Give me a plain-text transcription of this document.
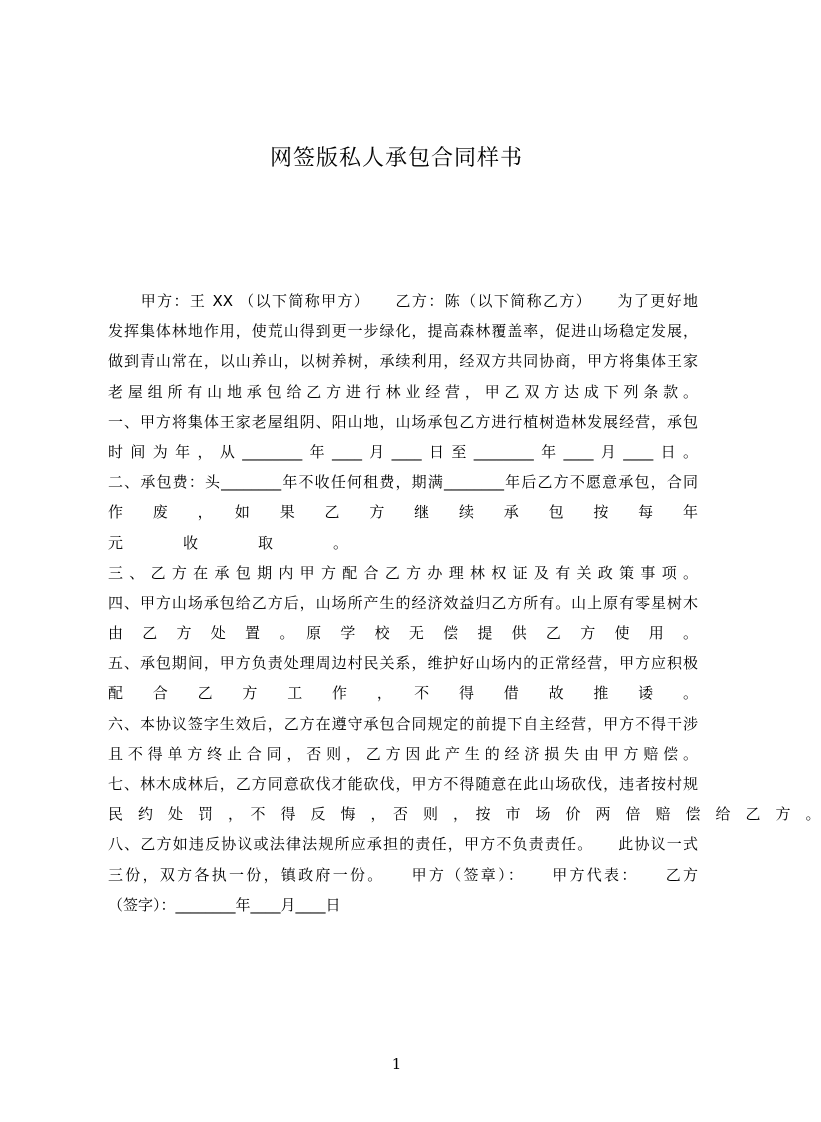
网签版私人承包合同样书
　　甲方：王 XX （以下简称甲方）　　乙方：陈（以下简称乙方）　　为了更好地
发挥集体林地作用，使荒山得到更一步绿化，提高森林覆盖率，促进山场稳定发展，
做到青山常在，以山养山，以树养树，承续利用，经双方共同协商，甲方将集体王家
老屋组所有山地承包给乙方进行林业经营，甲乙双方达成下列条款。
一、甲方将集体王家老屋组阴、阳山地，山场承包乙方进行植树造林发展经营，承包
时间为年，从________年____月____日至________年____月____日。
二、承包费：头________年不收任何租费，期满________年后乙方不愿意承包，合同
作　废　，　如　果　乙　方　继　续　承　包　按　每　年
元　　　　收　　　　取　　　　。
三、乙方在承包期内甲方配合乙方办理林权证及有关政策事项。
四、甲方山场承包给乙方后，山场所产生的经济效益归乙方所有。山上原有零星树木
由　乙　方　处　置　。　原　学　校　无　偿　提　供　乙　方　使　用　。
五、承包期间，甲方负责处理周边村民关系，维护好山场内的正常经营，甲方应积极
配　合　乙　方　工　作　，　不　得　借　故　推　诿　。
六、本协议签字生效后，乙方在遵守承包合同规定的前提下自主经营，甲方不得干涉
且不得单方终止合同，否则，乙方因此产生的经济损失由甲方赔偿。
七、林木成林后，乙方同意砍伐才能砍伐，甲方不得随意在此山场砍伐，违者按村规
民　约　处　罚　，　不　得　反　悔　，　否　则　，　按　市　场　价　两　倍　赔　偿　给　乙　方　。
八、乙方如违反协议或法律法规所应承担的责任，甲方不负责责任。　　此协议一式
三份，双方各执一份，镇政府一份。　　甲方（签章）：　　甲方代表：　　乙方
（签字）：________年____月____日
1
